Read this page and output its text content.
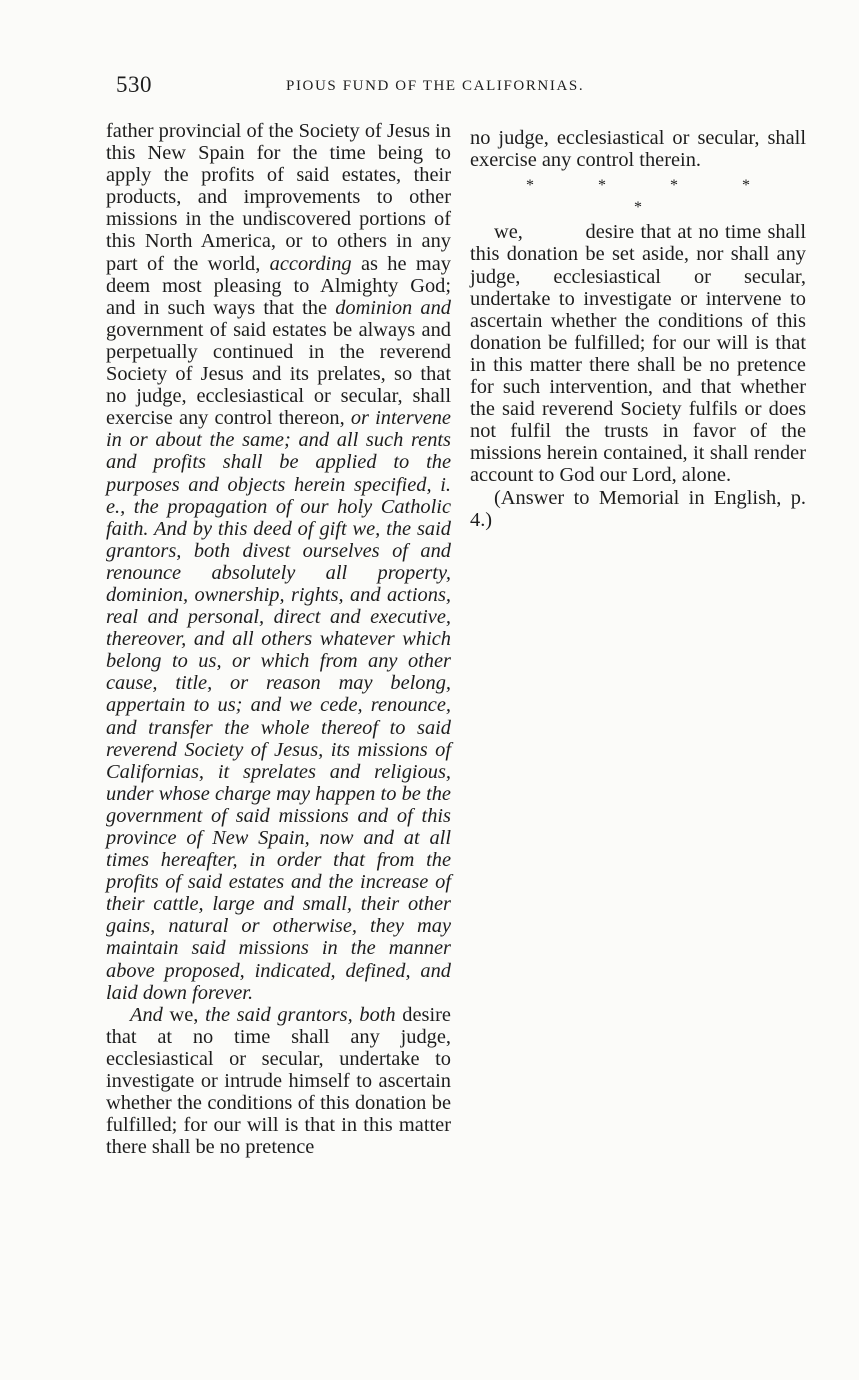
530	PIOUS FUND OF THE CALIFORNIAS.

father provincial of the Society of Jesus in this New Spain for the time being to apply the profits of said estates, their products, and improvements to other missions in the undiscovered portions of this North America, or to others in any part of the world, according as he may deem most pleasing to Almighty God; and in such ways that the dominion and government of said estates be always and perpetually continued in the reverend Society of Jesus and its prelates, so that no judge, ecclesiastical or secular, shall exercise any control thereon, or intervene in or about the same; and all such rents and profits shall be applied to the purposes and objects herein specified, i. e., the propagation of our holy Catholic faith. And by this deed of gift we, the said grantors, both divest ourselves of and renounce absolutely all property, dominion, ownership, rights, and actions, real and personal, direct and executive, thereover, and all others whatever which belong to us, or which from any other cause, title, or reason may belong, appertain to us; and we cede, renounce, and transfer the whole thereof to said reverend Society of Jesus, its missions of Californias, it sprelates and religious, under whose charge may happen to be the government of said missions and of this province of New Spain, now and at all times hereafter, in order that from the profits of said estates and the increase of their cattle, large and small, their other gains, natural or otherwise, they may maintain said missions in the manner above proposed, indicated, defined, and laid down forever.

And we, the said grantors, both desire that at no time shall any judge, ecclesiastical or secular, undertake to investigate or intrude himself to ascertain whether the conditions of this donation be fulfilled; for our will is that in this matter there shall be no pretence

no judge, ecclesiastical or secular, shall exercise any control therein.

* * * * *

we,          desire that at no time shall this donation be set aside, nor shall any judge, ecclesiastical or secular, undertake to investigate or intervene to ascertain whether the conditions of this donation be fulfilled; for our will is that in this matter there shall be no pretence for such intervention, and that whether the said reverend Society fulfils or does not fulfil the trusts in favor of the missions herein contained, it shall render account to God our Lord, alone.

(Answer to Memorial in English, p. 4.)
